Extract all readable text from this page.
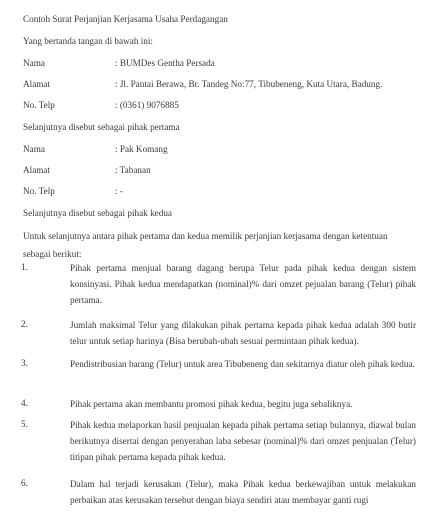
Contoh Surat Perjanjian Kerjasama Usaha Perdagangan
Yang bertanda tangan di bawah ini:
Nama	: BUMDes Gentha Persada
Alamat	: Jl. Pantai Berawa, Br. Tandeg No:77, Tibubeneng, Kuta Utara, Badung.
No. Telp	: (0361) 9076885
Selanjutnya disebut sebagai pihak pertama
Nama	: Pak Komang
Alamat	: Tabanan
No. Telp	: -
Selanjutnya disebut sebagai pihak kedua
Untuk selanjutnya antara pihak pertama dan kedua memilik perjanjian kerjasama dengan ketentuan sebagai berikut:
1.	Pihak pertama menjual barang dagang berupa Telur pada pihak kedua dengan sistem konsinyasi. Pihak kedua mendapatkan (nominal)% dari omzet pejualan barang (Telur) pihak pertama.
2.	Jumlah maksimal Telur yang dilakukan pihak pertama kepada pihak kedua adalah 300 butir telur untuk setiap harinya (Bisa berubah-ubah sesuai permintaan pihak kedua).
3.	Pendistribusian barang (Telur) untuk area Tibubeneng dan sekitarnya diatur oleh pihak kedua.
4.	Pihak pertama akan membantu promosi pihak kedua, begitu juga sebaliknya.
5.	Pihak kedua melaporkan hasil penjualan kepada pihak pertama setiap bulannya, diawal bulan berikutnya disertai dengan penyerahan laba sebesar (nominal)% dari omzet penjualan (Telur) titipan pihak pertama kepada pihak kedua.
6.	Dalam hal terjadi kerusakan (Telur), maka Pihak kedua berkewajiban untuk melakukan perbaikan atas kerusakan tersebut dengan biaya sendiri atau membayar ganti rugi
